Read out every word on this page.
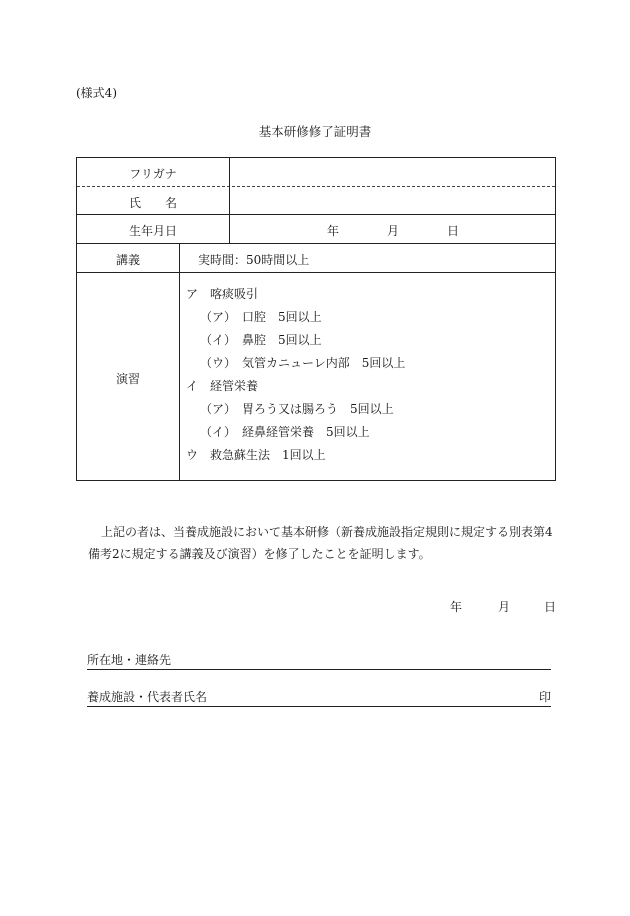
(様式4)
基本研修修了証明書
フリガナ
氏　　名
生年月日	年	月	日
講義	実時間：50時間以上
演習
ア　喀痰吸引
（ア）　口腔　5回以上
（イ）　鼻腔　5回以上
（ウ）　気管カニューレ内部　5回以上
イ　経管栄養
（ア）　胃ろう又は腸ろう　5回以上
（イ）　経鼻経管栄養　5回以上
ウ　救急蘇生法　1回以上
上記の者は、当養成施設において基本研修（新養成施設指定規則に規定する別表第4備考2に規定する講義及び演習）を修了したことを証明します。
年	月	日
所在地・連絡先
養成施設・代表者氏名	印
